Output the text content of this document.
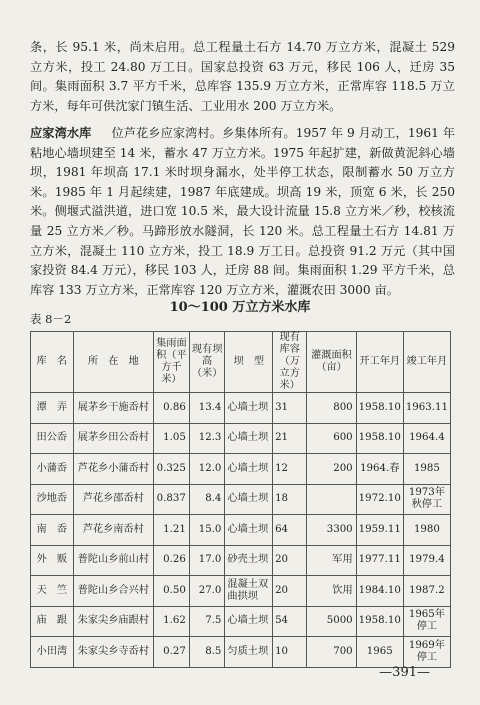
条，长 95.1 米，尚未启用。总工程量土石方 14.70 万立方米，混凝土 529 立方米，投工 24.80 万工日。国家总投资 63 万元，移民 106 人，迁房 35 间。集雨面积 3.7 平方千米，总库容 135.9 万立方米，正常库容 118.5 万立方米，每年可供沈家门镇生活、工业用水 200 万立方米。

应家湾水库 位芦花乡应家湾村。乡集体所有。1957 年 9 月动工，1961 年粘地心墙坝建至 14 米，蓄水 47 万立方米。1975 年起扩建，新做黄泥斜心墙坝，1981 年坝高 17.1 米时坝身漏水，处半停工状态，限制蓄水 50 万立方米。1985 年 1 月起续建，1987 年底建成。坝高 19 米，顶宽 6 米，长 250 米。侧堰式溢洪道，进口宽 10.5 米，最大设计流量 15.8 立方米／秒，校核流量 25 立方米／秒。马蹄形放水隧洞，长 120 米。总工程量土石方 14.81 万立方米，混凝土 110 立方米，投工 18.9 万工日。总投资 91.2 万元（其中国家投资 84.4 万元），移民 103 人，迁房 88 间。集雨面积 1.29 平方千米，总库容 133 万立方米，正常库容 120 万立方米，灌溉农田 3000 亩。

10～100 万立方米水库
表 8－2
库　名	所　在　地	集雨面积（平方千米）	现有坝高（米）	坝　型	现有库容（万立方米）	灌溉面积（亩）	开工年月	竣工年月
潭　弄	展茅乡干施岙村	0.86	13.4	心墙土坝	31	800	1958.10	1963.11
田公岙	展茅乡田公岙村	1.05	12.3	心墙土坝	21	600	1958.10	1964.4
小蒲岙	芦花乡小蒲岙村	0.325	12.0	心墙土坝	12	200	1964.春	1985
沙地岙	芦花乡邵岙村	0.837	8.4	心墙土坝	18		1972.10	1973年秋停工
南　岙	芦花乡南岙村	1.21	15.0	心墙土坝	64	3300	1959.11	1980
外　贩	普陀山乡前山村	0.26	17.0	砂壳土坝	20	军用	1977.11	1979.4
天　竺	普陀山乡合兴村	0.50	27.0	混凝土双曲拱坝	20	饮用	1984.10	1987.2
庙　跟	朱家尖乡庙跟村	1.62	7.5	心墙土坝	54	5000	1958.10	1965年停工
小田湾	朱家尖乡寺岙村	0.27	8.5	匀质土坝	10	700	1965	1969年停工
—391—
